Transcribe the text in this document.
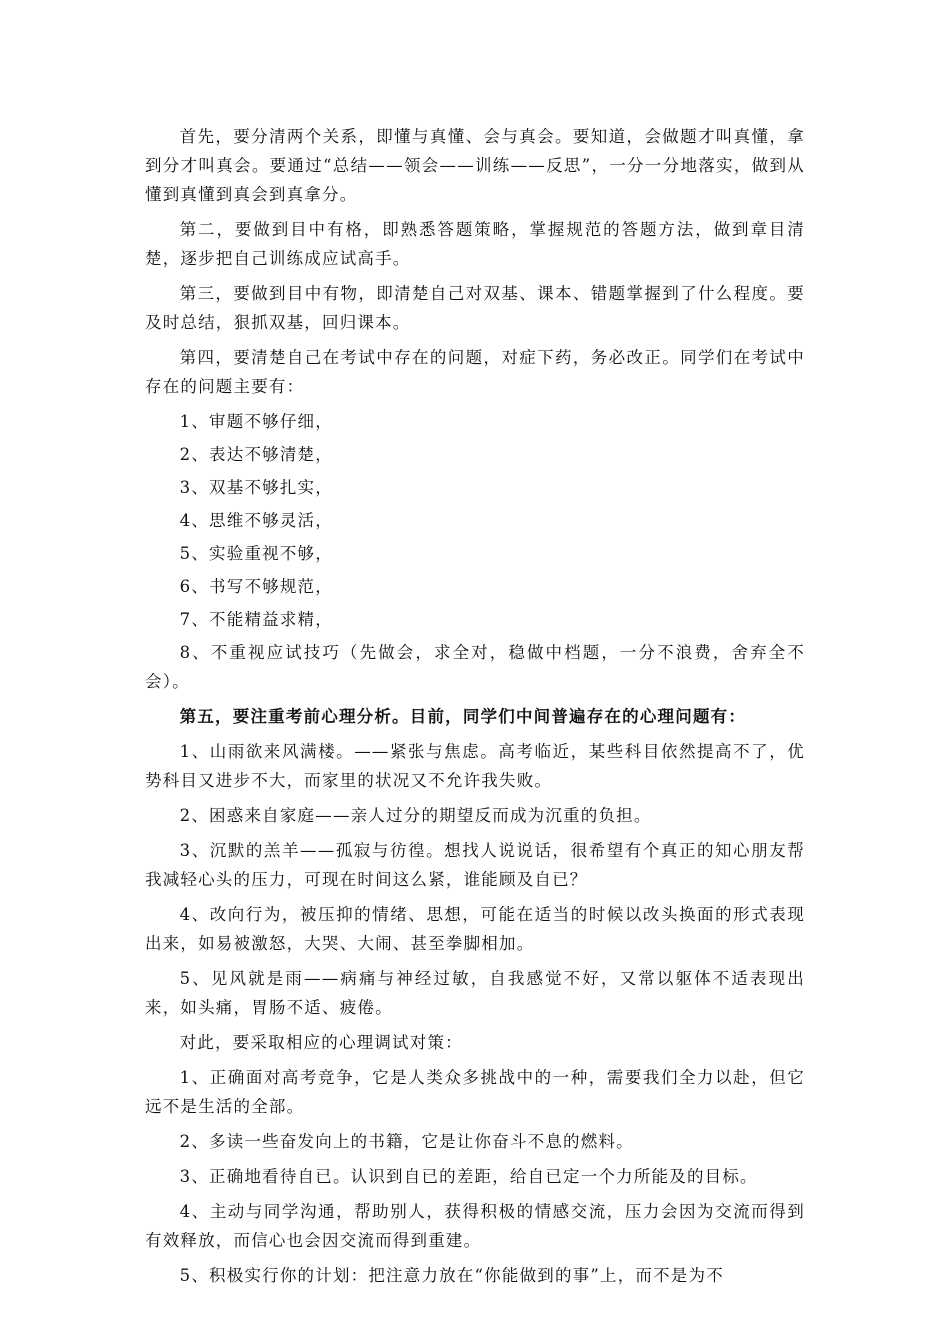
首先，要分清两个关系，即懂与真懂、会与真会。要知道，会做题才叫真懂，拿到分才叫真会。要通过“总结——领会——训练——反思”，一分一分地落实，做到从懂到真懂到真会到真拿分。

第二，要做到目中有格，即熟悉答题策略，掌握规范的答题方法，做到章目清楚，逐步把自己训练成应试高手。

第三，要做到目中有物，即清楚自己对双基、课本、错题掌握到了什么程度。要及时总结，狠抓双基，回归课本。

第四，要清楚自己在考试中存在的问题，对症下药，务必改正。同学们在考试中存在的问题主要有：

1、审题不够仔细，

2、表达不够清楚，

3、双基不够扎实，

4、思维不够灵活，

5、实验重视不够，

6、书写不够规范，

7、不能精益求精，

8、不重视应试技巧（先做会，求全对，稳做中档题，一分不浪费，舍弃全不会）。

第五，要注重考前心理分析。目前，同学们中间普遍存在的心理问题有：

1、山雨欲来风满楼。——紧张与焦虑。高考临近，某些科目依然提高不了，优势科目又进步不大，而家里的状况又不允许我失败。

2、困惑来自家庭——亲人过分的期望反而成为沉重的负担。

3、沉默的羔羊——孤寂与彷徨。想找人说说话，很希望有个真正的知心朋友帮我减轻心头的压力，可现在时间这么紧，谁能顾及自已？

4、改向行为，被压抑的情绪、思想，可能在适当的时候以改头换面的形式表现出来，如易被激怒，大哭、大闹、甚至拳脚相加。

5、见风就是雨——病痛与神经过敏，自我感觉不好，又常以躯体不适表现出来，如头痛，胃肠不适、疲倦。

对此，要采取相应的心理调试对策：

1、正确面对高考竞争，它是人类众多挑战中的一种，需要我们全力以赴，但它远不是生活的全部。

2、多读一些奋发向上的书籍，它是让你奋斗不息的燃料。

3、正确地看待自已。认识到自已的差距，给自已定一个力所能及的目标。

4、主动与同学沟通，帮助别人，获得积极的情感交流，压力会因为交流而得到有效释放，而信心也会因交流而得到重建。

5、积极实行你的计划：把注意力放在“你能做到的事”上，而不是为不
